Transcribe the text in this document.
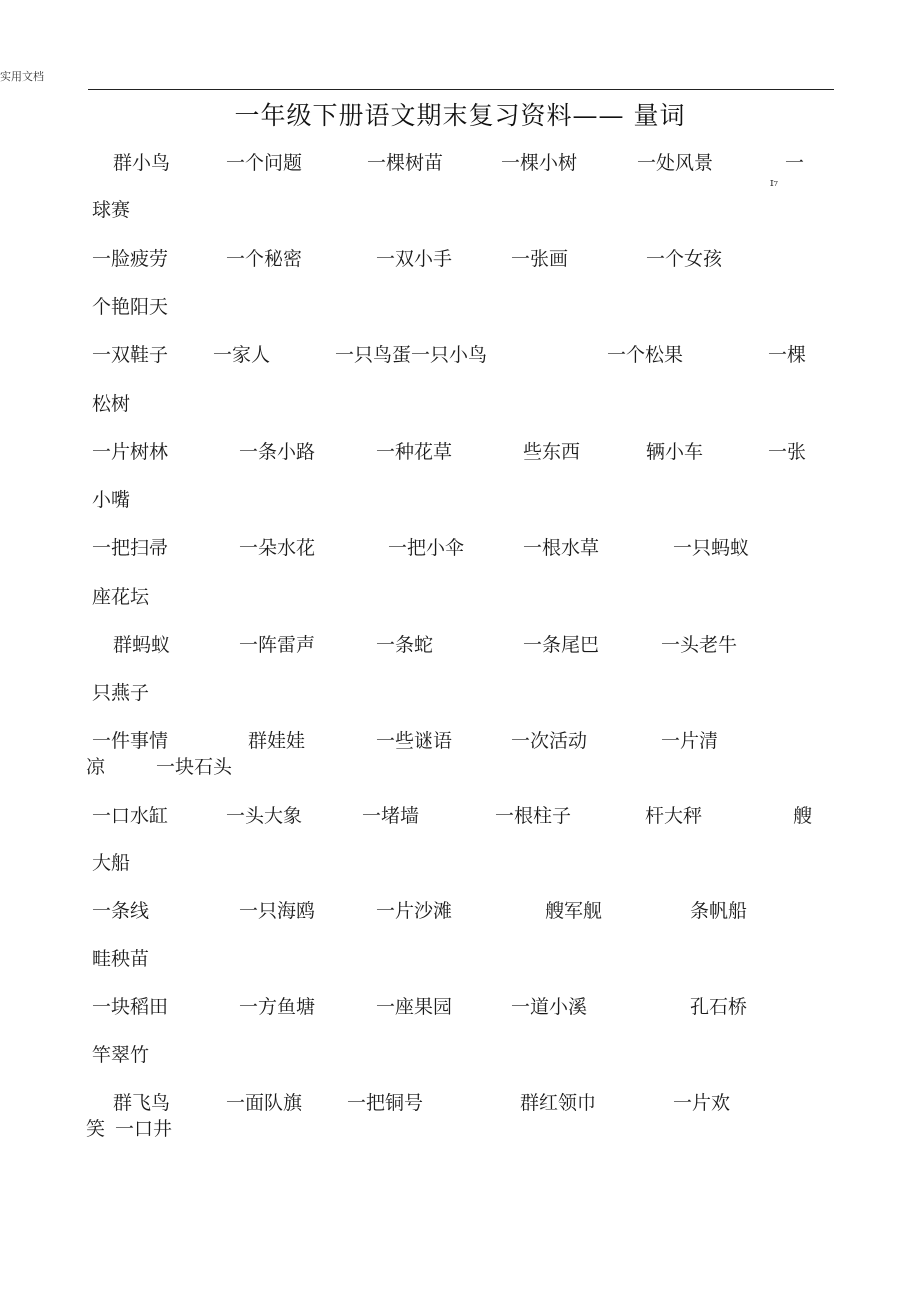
实用文档
一年级下册语文期末复习资料—— 量词
ɪ₇
群小鸟	一个问题	一棵树苗	一棵小树	一处风景	一
球赛
一脸疲劳	一个秘密	一双小手	一张画	一个女孩
个艳阳天
一双鞋子 一家人	一只鸟蛋一只小鸟	一个松果	一棵
松树
一片树林	一条小路	一种花草	些东西	辆小车	一张
小嘴
一把扫帚	一朵水花	一把小伞	一根水草	一只蚂蚁
座花坛
群蚂蚁	一阵雷声	一条蛇	一条尾巴	一头老牛
只燕子
一件事情	群娃娃	一些谜语	一次活动	一片清
凉	一块石头
一口水缸	一头大象	一堵墙	一根柱子	杆大秤	艘
大船
一条线	一只海鸥	一片沙滩	艘军舰	条帆船
畦秧苗
一块稻田	一方鱼塘	一座果园	一道小溪	孔石桥
竿翠竹
群飞鸟	一面队旗 一把铜号	群红领巾	一片欢
笑 一口井
